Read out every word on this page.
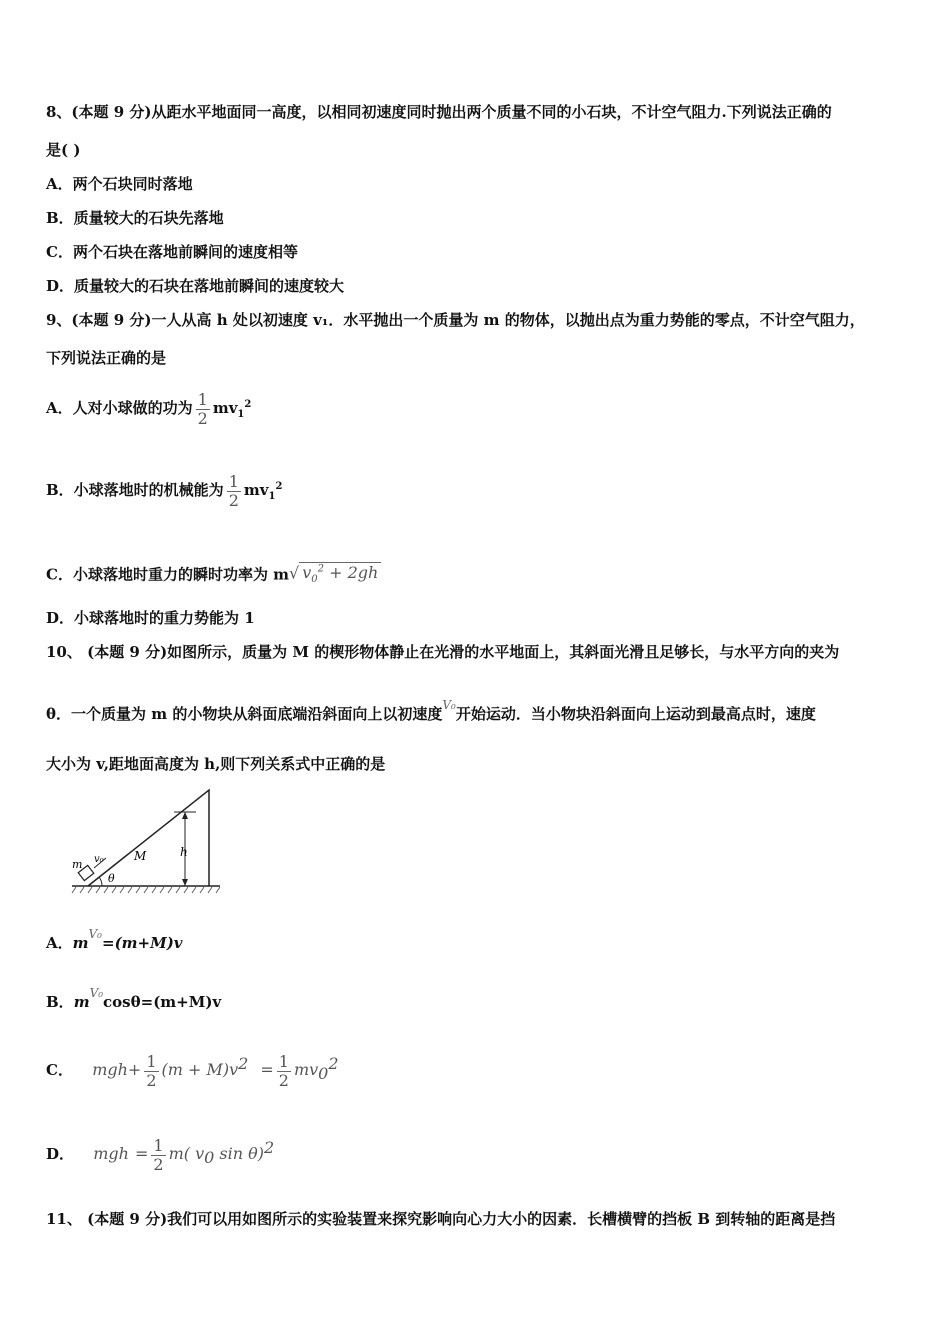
8、(本题 9 分)从距水平地面同一高度，以相同初速度同时抛出两个质量不同的小石块，不计空气阻力.下列说法正确的
是( )
A．两个石块同时落地
B．质量较大的石块先落地
C．两个石块在落地前瞬间的速度相等
D．质量较大的石块在落地前瞬间的速度较大
9、(本题 9 分)一人从高 h 处以初速度 v₁．水平抛出一个质量为 m 的物体，以抛出点为重力势能的零点，不计空气阻力，
下列说法正确的是
A．人对小球做的功为 $\frac{1}{2} mv_1^2$
B．小球落地时的机械能为 $\frac{1}{2} mv_1^2$
C．小球落地时重力的瞬时功率为 m√ $v_0^2 + 2gh$
D．小球落地时的重力势能为 1
10、 (本题 9 分)如图所示，质量为 M 的楔形物体静止在光滑的水平地面上，其斜面光滑且足够长，与水平方向的夹为
θ．一个质量为 m 的小物块从斜面底端沿斜面向上以初速度$^{V_0}$开始运动．当小物块沿斜面向上运动到最高点时，速度
大小为 v,距地面高度为 h,则下列关系式中正确的是
m v₀	M	h
θ
A．$m^{V_0}=(m+M)v$
B．$m^{V_0}\cos\theta=(m+M)v$
C． $mgh+ \frac{1}{2} (m + M)v^2 = \frac{1}{2} mv_0^2$
D． mgh = $\frac{1}{2} m$( $v_0$ sin θ)$^2$
11、 (本题 9 分)我们可以用如图所示的实验装置来探究影响向心力大小的因素．长槽横臂的挡板 B 到转轴的距离是挡
